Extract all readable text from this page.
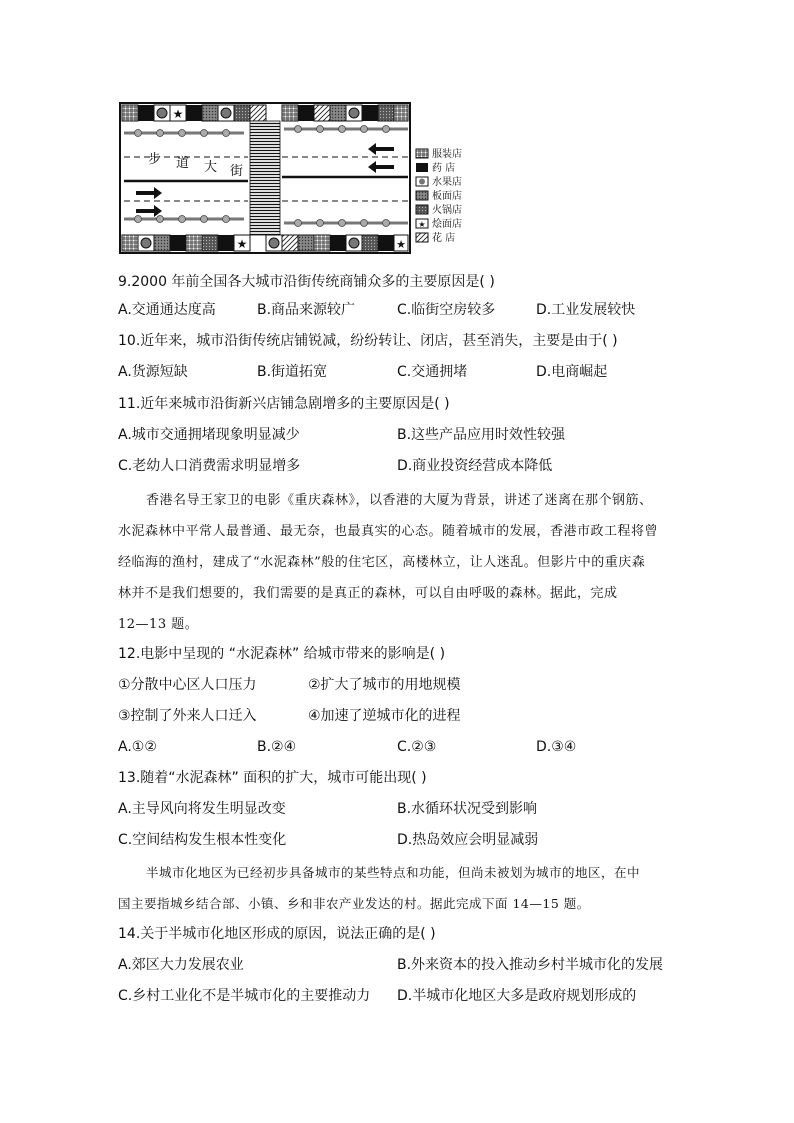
★
★	★
步 道 大 街
★
服装店
药 店
水果店
板面店
火锅店
烩面店
花 店
9.2000 年前全国各大城市沿街传统商铺众多的主要原因是( )
A.交通通达度高	B.商品来源较广	C.临街空房较多	D.工业发展较快
10.近年来，城市沿街传统店铺锐减，纷纷转让、闭店，甚至消失，主要是由于( )
A.货源短缺	B.街道拓宽	C.交通拥堵	D.电商崛起
11.近年来城市沿街新兴店铺急剧增多的主要原因是( )
A.城市交通拥堵现象明显减少	B.这些产品应用时效性较强
C.老幼人口消费需求明显增多	D.商业投资经营成本降低
香港名导王家卫的电影《重庆森林》，以香港的大厦为背景，讲述了迷离在那个钢筋、
水泥森林中平常人最普通、最无奈，也最真实的心态。随着城市的发展，香港市政工程将曾
经临海的渔村，建成了“水泥森林”般的住宅区，高楼林立，让人迷乱。但影片中的重庆森
林并不是我们想要的，我们需要的是真正的森林，可以自由呼吸的森林。据此，完成
12—13 题。
12.电影中呈现的 “水泥森林” 给城市带来的影响是( )
①分散中心区人口压力	②扩大了城市的用地规模
③控制了外来人口迁入	④加速了逆城市化的进程
A.①②	B.②④	C.②③	D.③④
13.随着“水泥森林” 面积的扩大，城市可能出现( )
A.主导风向将发生明显改变	B.水循环状况受到影响
C.空间结构发生根本性变化	D.热岛效应会明显减弱
半城市化地区为已经初步具备城市的某些特点和功能，但尚未被划为城市的地区，在中
国主要指城乡结合部、小镇、乡和非农产业发达的村。据此完成下面 14—15 题。
14.关于半城市化地区形成的原因，说法正确的是( )
A.郊区大力发展农业	B.外来资本的投入推动乡村半城市化的发展
C.乡村工业化不是半城市化的主要推动力 D.半城市化地区大多是政府规划形成的
